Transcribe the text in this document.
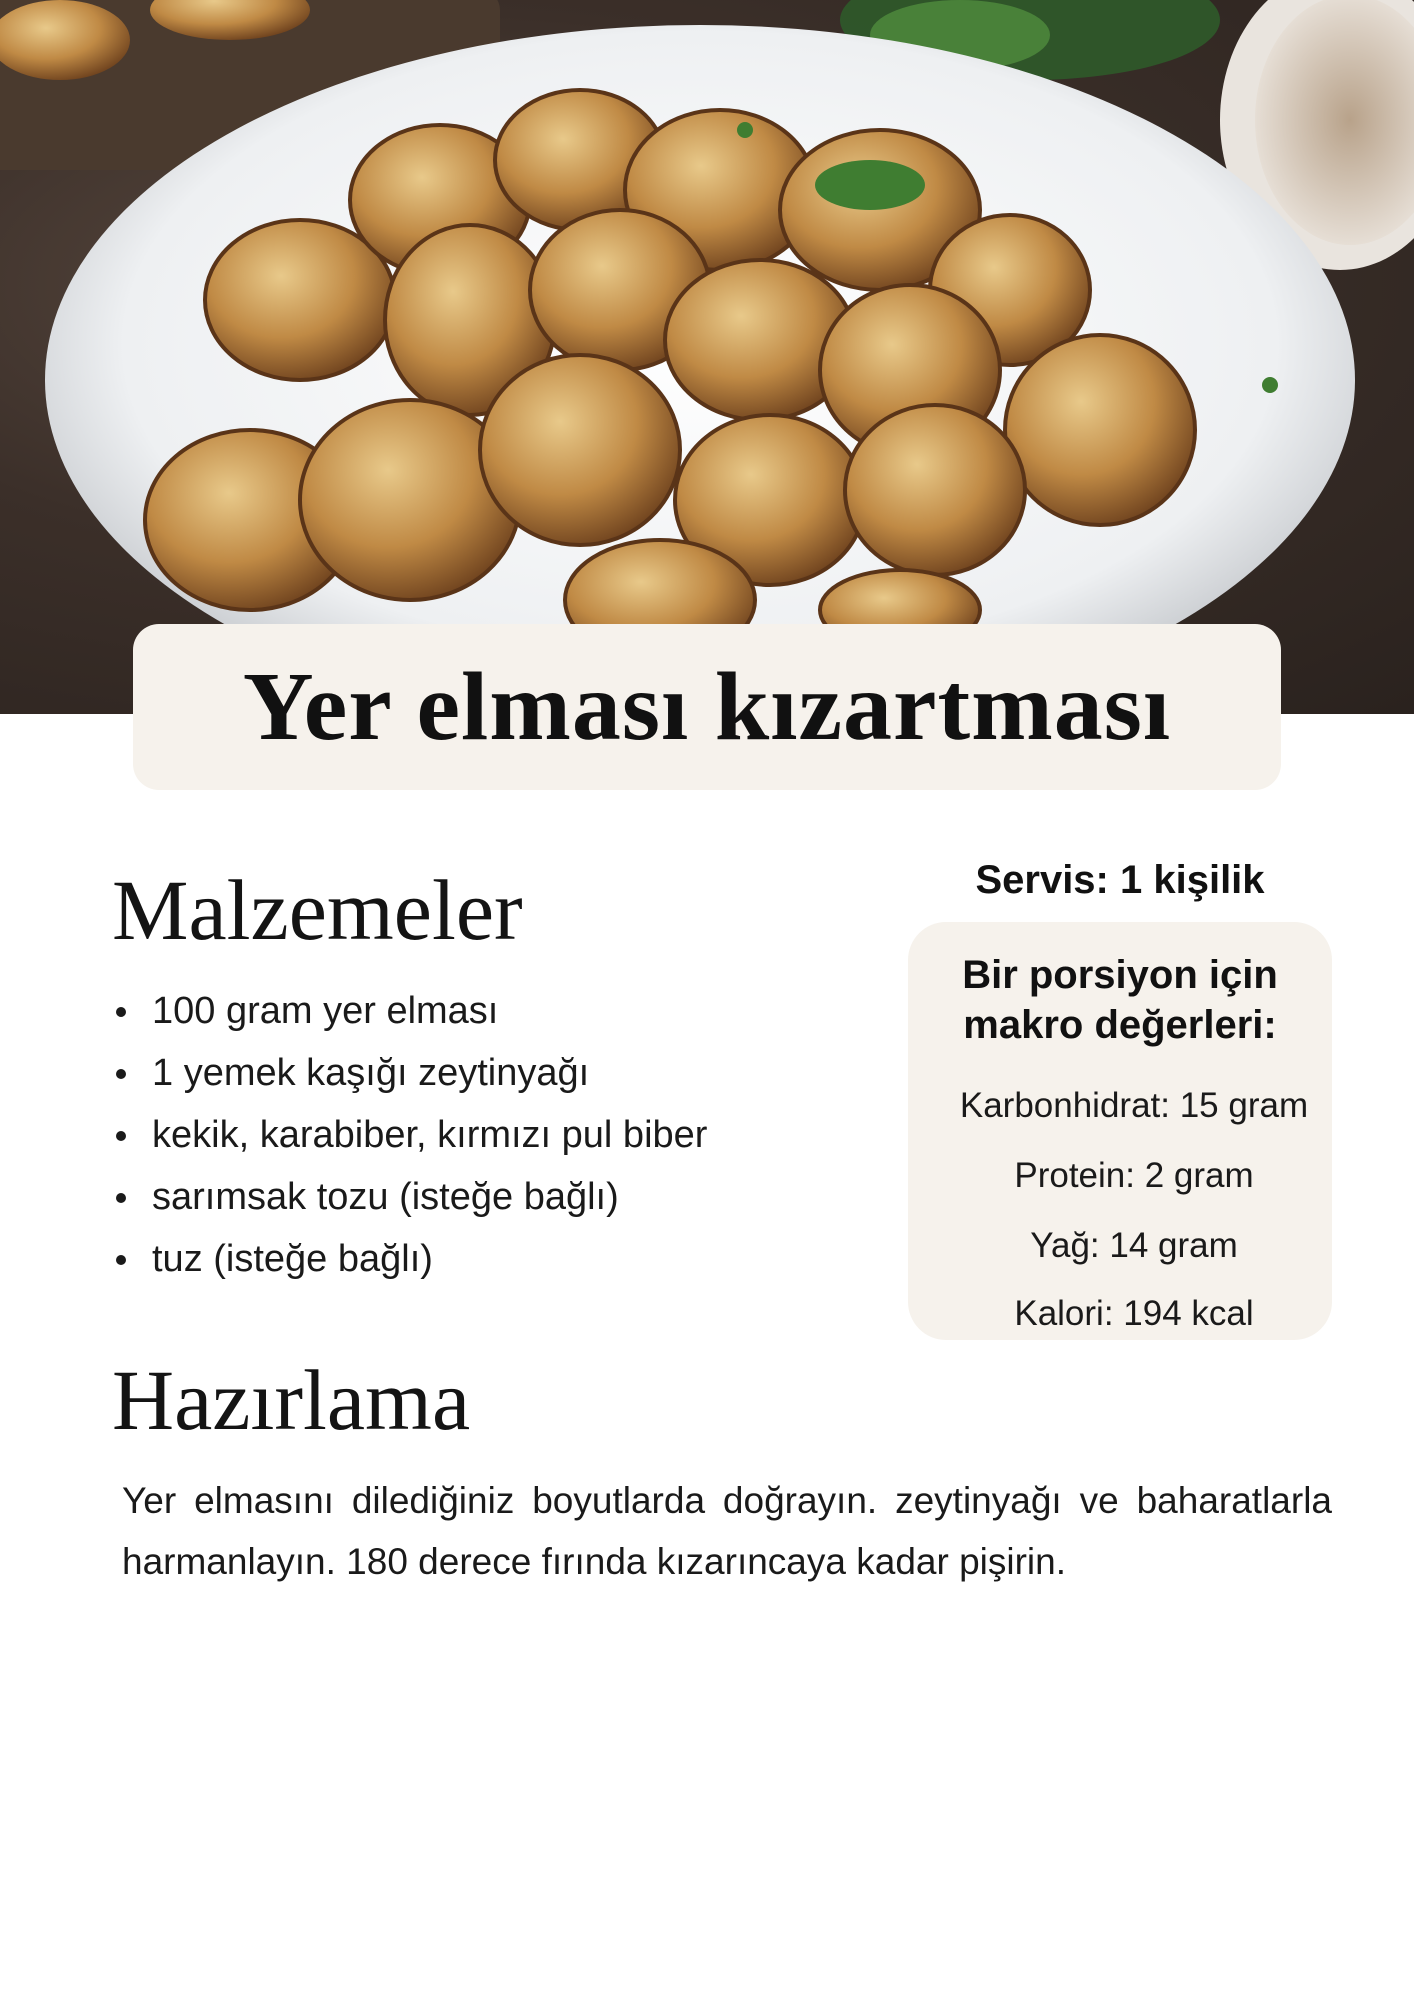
Yer elması kızartması
Malzemeler
100 gram yer elması
1 yemek kaşığı zeytinyağı
kekik, karabiber, kırmızı pul biber
sarımsak tozu (isteğe bağlı)
tuz (isteğe bağlı)
Servis: 1 kişilik
Bir porsiyon için
makro değerleri:
Karbonhidrat: 15 gram
Protein: 2 gram
Yağ: 14 gram
Kalori: 194 kcal
Hazırlama

Yer elmasını dilediğiniz boyutlarda doğrayın. zeytinyağı ve baharatlarla harmanlayın. 180 derece fırında kızarıncaya kadar pişirin.
